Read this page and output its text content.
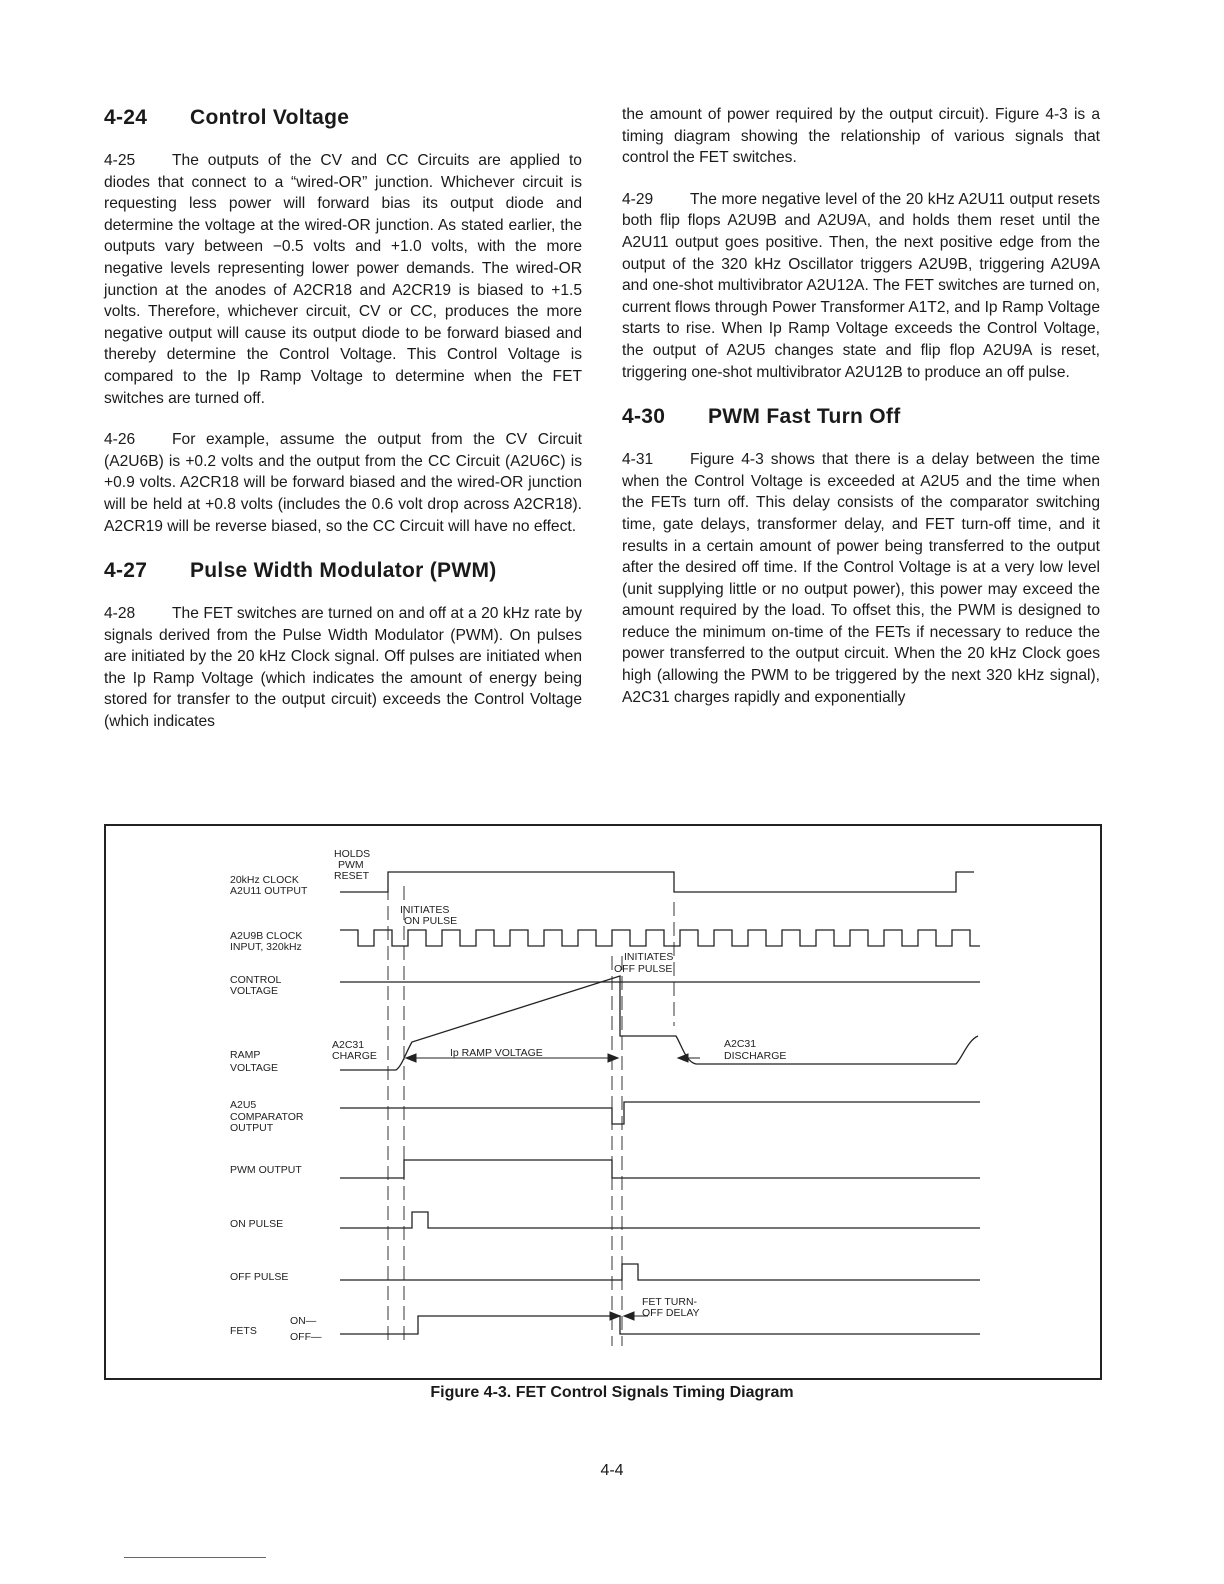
4-24	Control Voltage

4-25 The outputs of the CV and CC Circuits are applied to diodes that connect to a “wired-OR” junction. Whichever circuit is requesting less power will forward bias its output diode and determine the voltage at the wired-OR junction. As stated earlier, the outputs vary between −0.5 volts and +1.0 volts, with the more negative levels representing lower power demands. The wired-OR junction at the anodes of A2CR18 and A2CR19 is biased to +1.5 volts. Therefore, whichever circuit, CV or CC, produces the more negative output will cause its output diode to be forward biased and thereby determine the Control Voltage. This Control Voltage is compared to the Ip Ramp Voltage to determine when the FET switches are turned off.

4-26 For example, assume the output from the CV Circuit (A2U6B) is +0.2 volts and the output from the CC Circuit (A2U6C) is +0.9 volts. A2CR18 will be forward biased and the wired-OR junction will be held at +0.8 volts (includes the 0.6 volt drop across A2CR18). A2CR19 will be reverse biased, so the CC Circuit will have no effect.

4-27	Pulse Width Modulator (PWM)

4-28 The FET switches are turned on and off at a 20 kHz rate by signals derived from the Pulse Width Modulator (PWM). On pulses are initiated by the 20 kHz Clock signal. Off pulses are initiated when the Ip Ramp Voltage (which indicates the amount of energy being stored for transfer to the output circuit) exceeds the Control Voltage (which indicates

the amount of power required by the output circuit). Figure 4-3 is a timing diagram showing the relationship of various signals that control the FET switches.

4-29 The more negative level of the 20 kHz A2U11 output resets both flip flops A2U9B and A2U9A, and holds them reset until the A2U11 output goes positive. Then, the next positive edge from the output of the 320 kHz Oscillator triggers A2U9B, triggering A2U9A and one-shot multivibrator A2U12A. The FET switches are turned on, current flows through Power Transformer A1T2, and Ip Ramp Voltage starts to rise. When Ip Ramp Voltage exceeds the Control Voltage, the output of A2U5 changes state and flip flop A2U9A is reset, triggering one-shot multivibrator A2U12B to produce an off pulse.

4-30	PWM Fast Turn Off

4-31 Figure 4-3 shows that there is a delay between the time when the Control Voltage is exceeded at A2U5 and the time when the FETs turn off. This delay consists of the comparator switching time, gate delays, transformer delay, and FET turn-off time, and it results in a certain amount of power being transferred to the output after the desired off time. If the Control Voltage is at a very low level (unit supplying little or no output power), this power may exceed the amount required by the load. To offset this, the PWM is designed to reduce the minimum on-time of the FETs if necessary to reduce the power transferred to the output circuit. When the 20 kHz Clock goes high (allowing the PWM to be triggered by the next 320 kHz signal), A2C31 charges rapidly and exponentially

20kHz CLOCK
A2U11 OUTPUT
A2U9B CLOCK
INPUT, 320kHz
CONTROL
VOLTAGE
RAMP
VOLTAGE
A2U5
COMPARATOR
OUTPUT
PWM OUTPUT
ON PULSE
OFF PULSE
FETS
ON—
OFF—
HOLDS
PWM
RESET
INITIATES
ON PULSE
INITIATES
OFF PULSE
A2C31
CHARGE	Ip RAMP VOLTAGE
A2C31
DISCHARGE
FET TURN-
OFF DELAY
Figure 4-3. FET Control Signals Timing Diagram
4-4
